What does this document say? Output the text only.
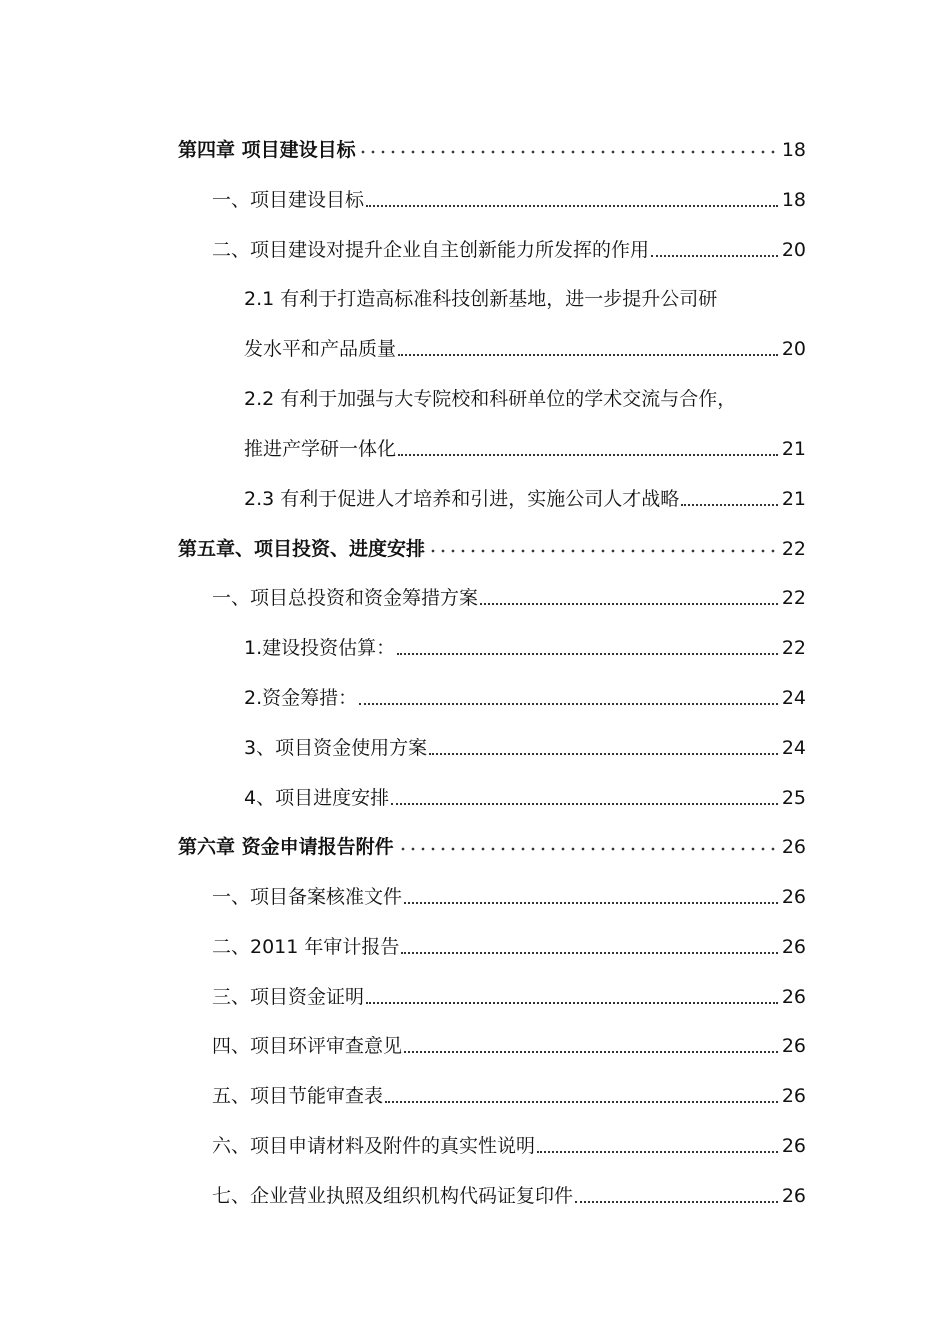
第四章 项目建设目标	18
一、项目建设目标	18
二、项目建设对提升企业自主创新能力所发挥的作用	20
2.1 有利于打造高标准科技创新基地，进一步提升公司研
发水平和产品质量	20
2.2 有利于加强与大专院校和科研单位的学术交流与合作，
推进产学研一体化	21
2.3 有利于促进人才培养和引进，实施公司人才战略	21
第五章、项目投资、进度安排	22
一、项目总投资和资金筹措方案	22
1.建设投资估算：	22
2.资金筹措：	24
3、项目资金使用方案	24
4、项目进度安排	25
第六章 资金申请报告附件	26
一、项目备案核准文件	26
二、2011 年审计报告	26
三、项目资金证明	26
四、项目环评审查意见	26
五、项目节能审查表	26
六、项目申请材料及附件的真实性说明	26
七、企业营业执照及组织机构代码证复印件	26
